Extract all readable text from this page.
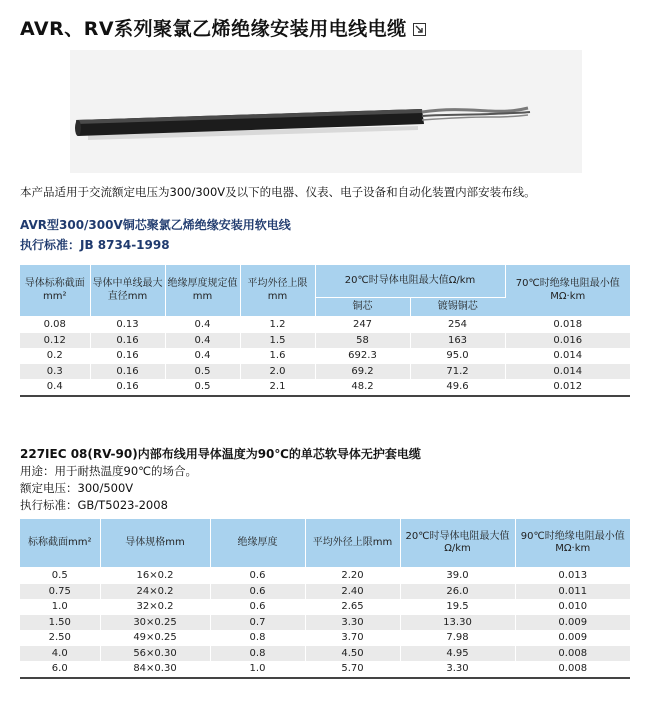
AVR、RV系列聚氯乙烯绝缘安装用电线电缆
本产品适用于交流额定电压为300/300V及以下的电器、仪表、电子设备和自动化装置内部安装布线。
AVR型300/300V铜芯聚氯乙烯绝缘安装用软电线
执行标准：JB 8734-1998
导体标称截面mm²	导体中单线最大直径mm	绝缘厚度规定值mm	平均外径上限mm	20℃时导体电阻最大值Ω/km		70℃时绝缘电阻最小值MΩ·km
				铜芯	镀锡铜芯	
0.08	0.13	0.4	1.2	247	254	0.018
0.12	0.16	0.4	1.5	58	163	0.016
0.2	0.16	0.4	1.6	692.3	95.0	0.014
0.3	0.16	0.5	2.0	69.2	71.2	0.014
0.4	0.16	0.5	2.1	48.2	49.6	0.012
227IEC 08(RV-90)内部布线用导体温度为90℃的单芯软导体无护套电缆
用途：用于耐热温度90℃的场合。
额定电压：300/500V
执行标准：GB/T5023-2008
标称截面mm²	导体规格mm	绝缘厚度	平均外径上限mm	20℃时导体电阻最大值Ω/km	90℃时绝缘电阻最小值MΩ·km
0.5	16×0.2	0.6	2.20	39.0	0.013
0.75	24×0.2	0.6	2.40	26.0	0.011
1.0	32×0.2	0.6	2.65	19.5	0.010
1.50	30×0.25	0.7	3.30	13.30	0.009
2.50	49×0.25	0.8	3.70	7.98	0.009
4.0	56×0.30	0.8	4.50	4.95	0.008
6.0	84×0.30	1.0	5.70	3.30	0.008
